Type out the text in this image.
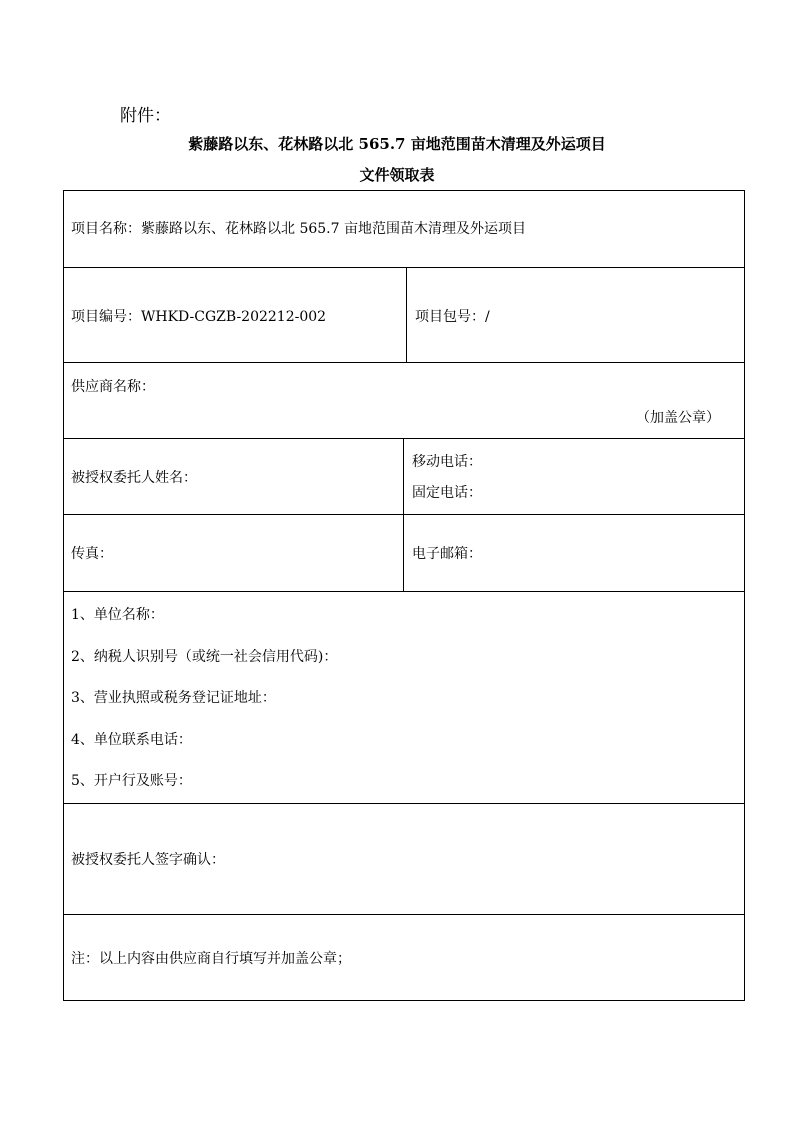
附件：
紫藤路以东、花林路以北 565.7 亩地范围苗木清理及外运项目
文件领取表
项目名称：紫藤路以东、花林路以北 565.7 亩地范围苗木清理及外运项目
项目编号：WHKD-CGZB-202212-002	项目包号：/
供应商名称：
（加盖公章）
被授权委托人姓名：
移动电话：
固定电话：
传真：	电子邮箱：
1、单位名称：
2、纳税人识别号（或统一社会信用代码)：
3、营业执照或税务登记证地址：
4、单位联系电话：
5、开户行及账号：
被授权委托人签字确认：
注：以上内容由供应商自行填写并加盖公章；
